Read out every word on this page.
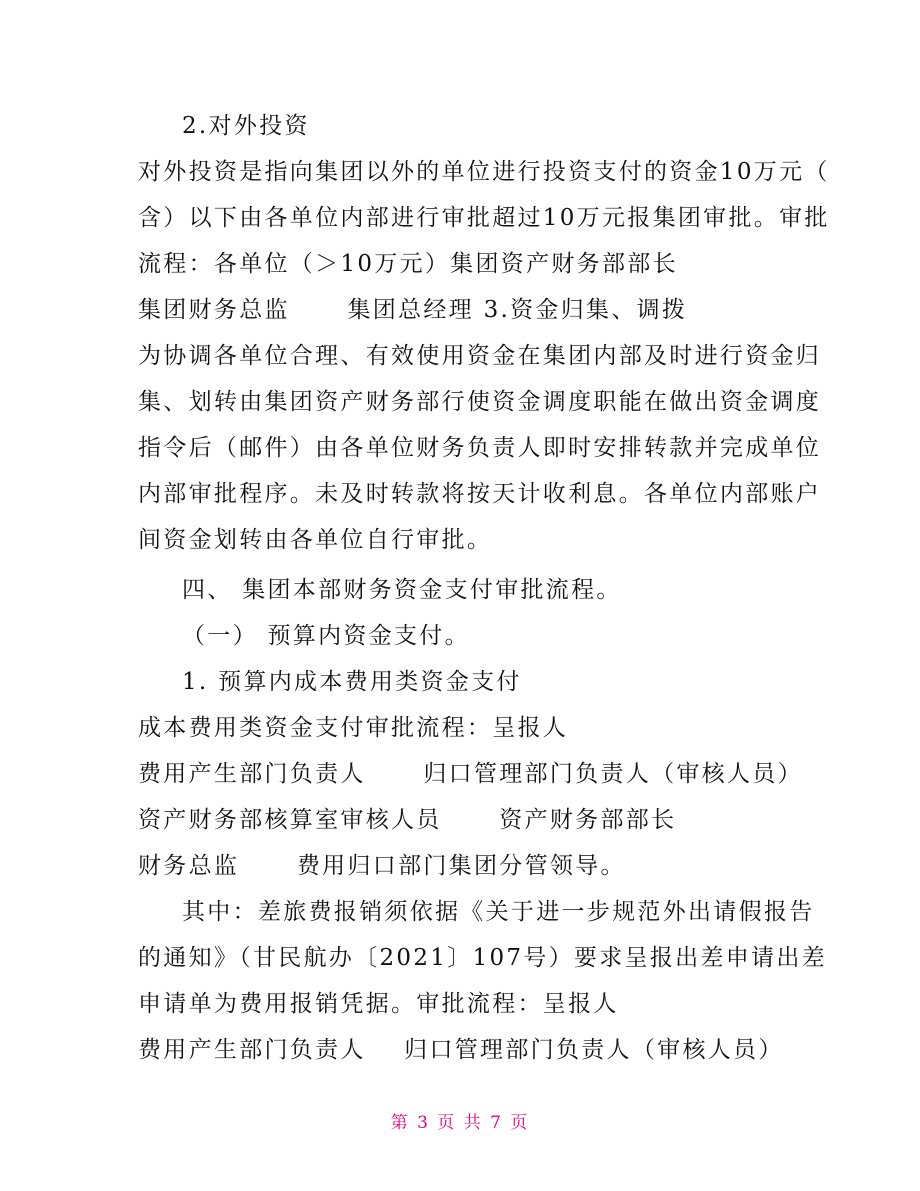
2.对外投资
对外投资是指向集团以外的单位进行投资支付的资金10万元（
含）以下由各单位内部进行审批超过10万元报集团审批。审批
流程：各单位（＞10万元）集团资产财务部部长
集团财务总监      集团总经理 3.资金归集、调拨
为协调各单位合理、有效使用资金在集团内部及时进行资金归
集、划转由集团资产财务部行使资金调度职能在做出资金调度
指令后（邮件）由各单位财务负责人即时安排转款并完成单位
内部审批程序。未及时转款将按天计收利息。各单位内部账户
间资金划转由各单位自行审批。
四、 集团本部财务资金支付审批流程。
（一） 预算内资金支付。
1. 预算内成本费用类资金支付
成本费用类资金支付审批流程：呈报人
费用产生部门负责人      归口管理部门负责人（审核人员）
资产财务部核算室审核人员      资产财务部部长
财务总监      费用归口部门集团分管领导。
其中：差旅费报销须依据《关于进一步规范外出请假报告
的通知》（甘民航办〔2021〕107号）要求呈报出差申请出差
申请单为费用报销凭据。审批流程：呈报人
费用产生部门负责人    归口管理部门负责人（审核人员）
第 3 页 共 7 页
